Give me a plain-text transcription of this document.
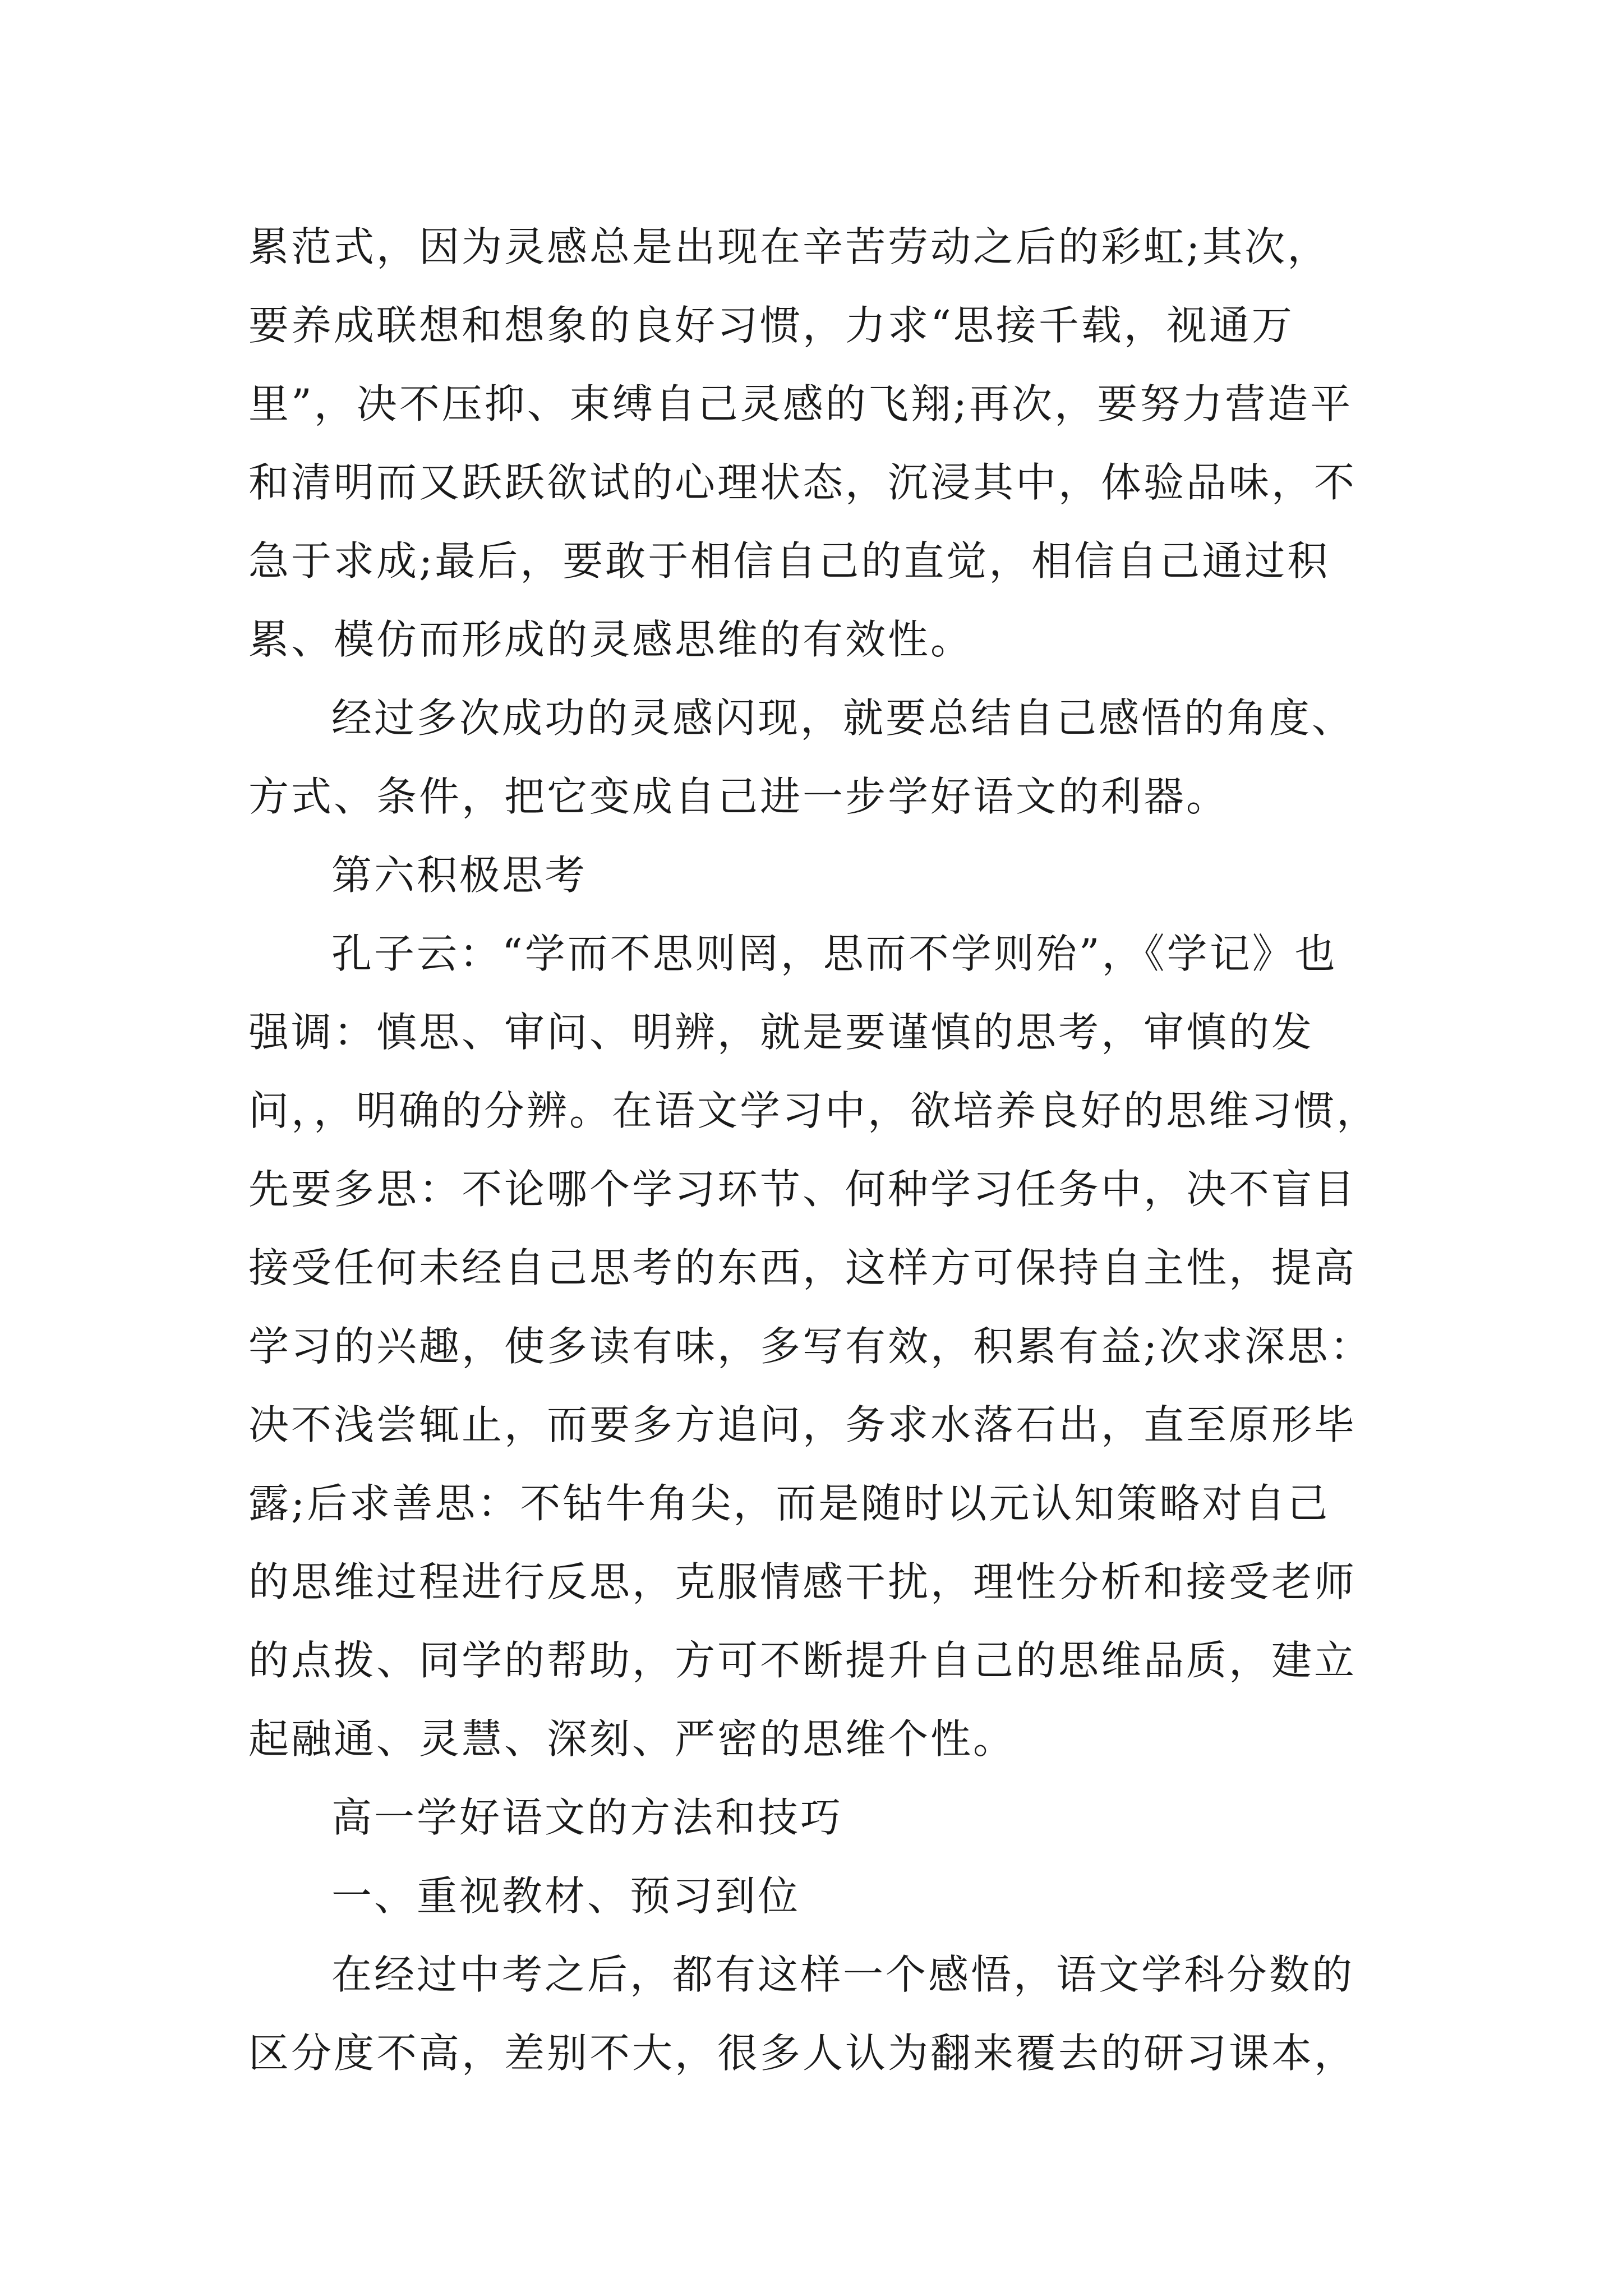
累范式，因为灵感总是出现在辛苦劳动之后的彩虹;其次，
要养成联想和想象的良好习惯，力求“思接千载，视通万
里”，决不压抑、束缚自己灵感的飞翔;再次，要努力营造平
和清明而又跃跃欲试的心理状态，沉浸其中，体验品味，不
急于求成;最后，要敢于相信自己的直觉，相信自己通过积
累、模仿而形成的灵感思维的有效性。
经过多次成功的灵感闪现，就要总结自己感悟的角度、
方式、条件，把它变成自己进一步学好语文的利器。
第六积极思考
孔子云：“学而不思则罔，思而不学则殆”，《学记》也
强调：慎思、审问、明辨，就是要谨慎的思考，审慎的发
问，，明确的分辨。在语文学习中，欲培养良好的思维习惯，
先要多思：不论哪个学习环节、何种学习任务中，决不盲目
接受任何未经自己思考的东西，这样方可保持自主性，提高
学习的兴趣，使多读有味，多写有效，积累有益;次求深思：
决不浅尝辄止，而要多方追问，务求水落石出，直至原形毕
露;后求善思：不钻牛角尖，而是随时以元认知策略对自己
的思维过程进行反思，克服情感干扰，理性分析和接受老师
的点拨、同学的帮助，方可不断提升自己的思维品质，建立
起融通、灵慧、深刻、严密的思维个性。
高一学好语文的方法和技巧
一、重视教材、预习到位
在经过中考之后，都有这样一个感悟，语文学科分数的
区分度不高，差别不大，很多人认为翻来覆去的研习课本，
